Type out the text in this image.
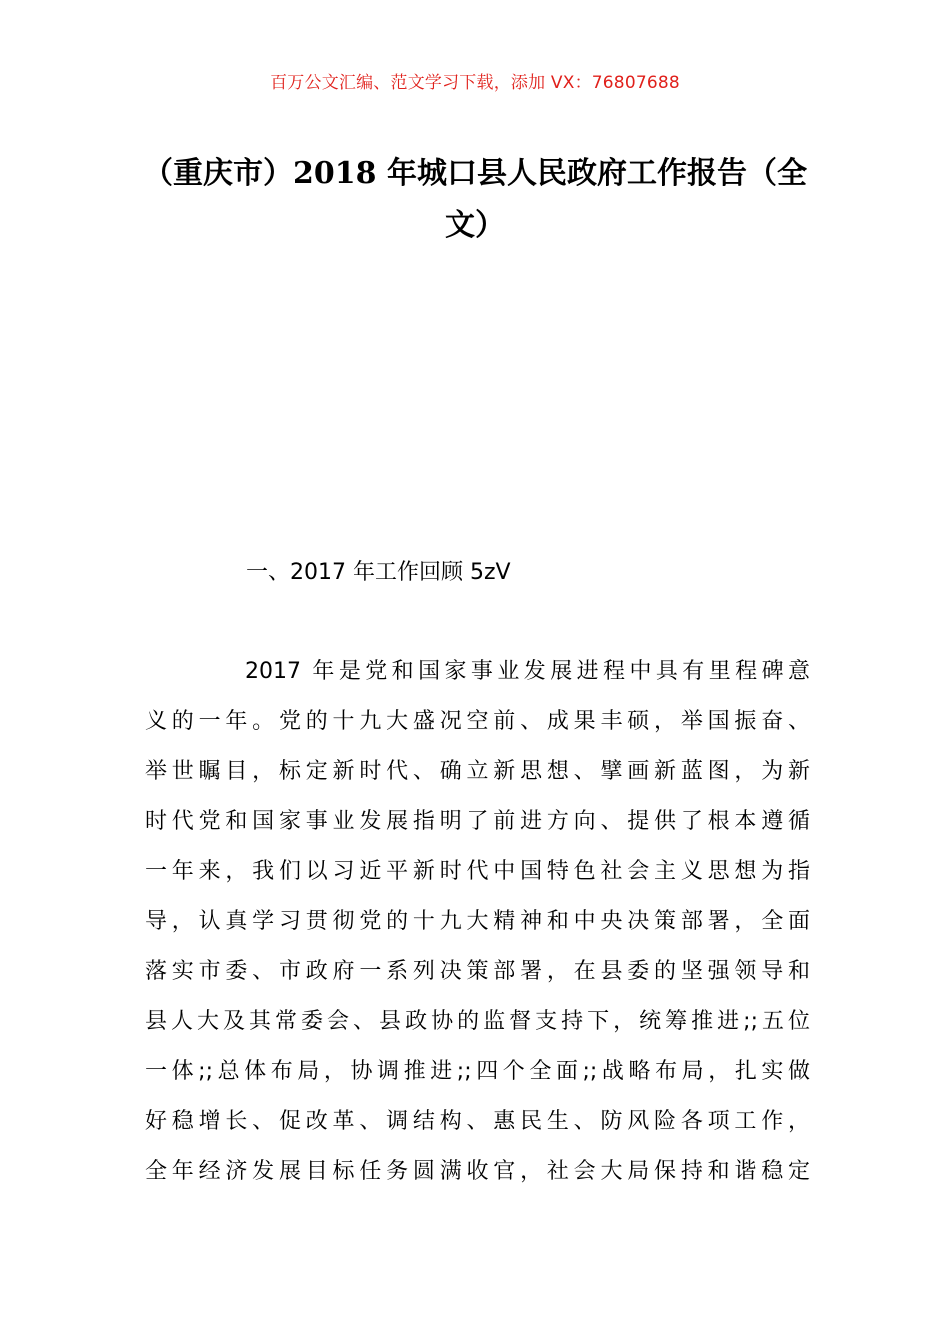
百万公文汇编、范文学习下载，添加 VX：76807688
（重庆市）2018 年城口县人民政府工作报告（全文）
一、2017 年工作回顾 5zV
2017 年是党和国家事业发展进程中具有里程碑意
义的一年。党的十九大盛况空前、成果丰硕，举国振奋、
举世瞩目，标定新时代、确立新思想、擘画新蓝图，为新
时代党和国家事业发展指明了前进方向、提供了根本遵循
一年来，我们以习近平新时代中国特色社会主义思想为指
导，认真学习贯彻党的十九大精神和中央决策部署，全面
落实市委、市政府一系列决策部署，在县委的坚强领导和
县人大及其常委会、县政协的监督支持下，统筹推进;;五位
一体;;总体布局，协调推进;;四个全面;;战略布局，扎实做
好稳增长、促改革、调结构、惠民生、防风险各项工作，
全年经济发展目标任务圆满收官，社会大局保持和谐稳定
